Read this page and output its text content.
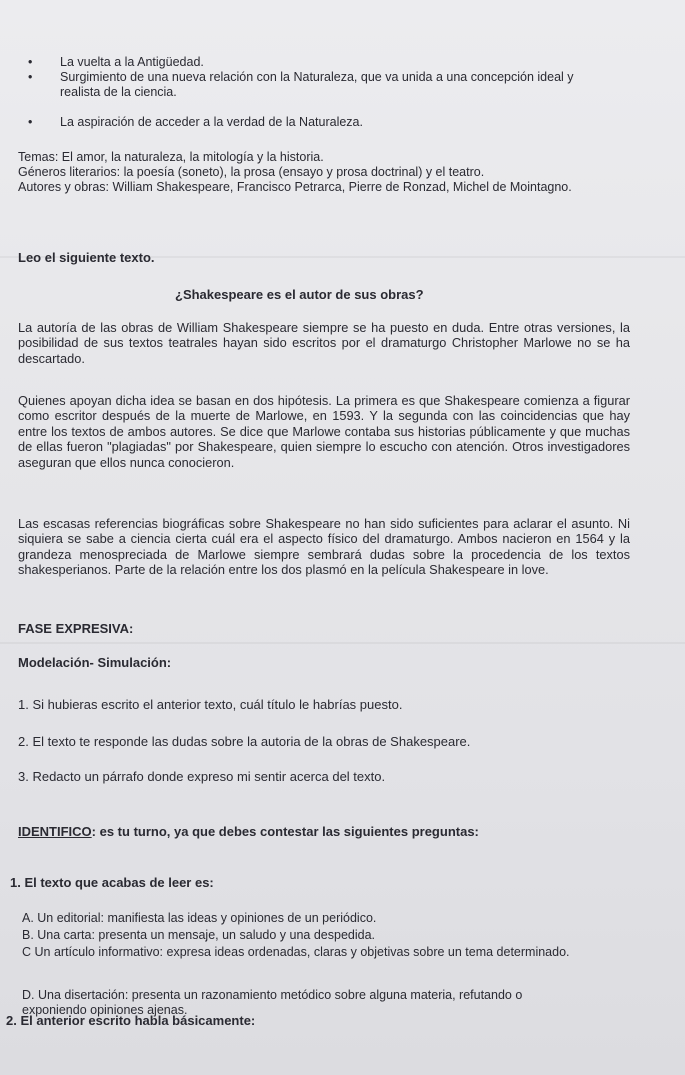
•	La vuelta a la Antigüedad.
•	Surgimiento de una nueva relación con la Naturaleza, que va unida a una concepción ideal y realista de la ciencia.
•	La aspiración de acceder a la verdad de la Naturaleza.

Temas: El amor, la naturaleza, la mitología y la historia.

Géneros literarios: la poesía (soneto), la prosa (ensayo y prosa doctrinal) y el teatro.

Autores y obras: William Shakespeare, Francisco Petrarca, Pierre de Ronzad, Michel de Mointagno.

Leo el siguiente texto.

¿Shakespeare es el autor de sus obras?

La autoría de las obras de William Shakespeare siempre se ha puesto en duda. Entre otras versiones, la posibilidad de sus textos teatrales hayan sido escritos por el dramaturgo Christopher Marlowe no se ha descartado.

Quienes apoyan dicha idea se basan en dos hipótesis. La primera es que Shakespeare comienza a figurar como escritor después de la muerte de Marlowe, en 1593. Y la segunda con las coincidencias que hay entre los textos de ambos autores. Se dice que Marlowe contaba sus historias públicamente y que muchas de ellas fueron "plagiadas" por Shakespeare, quien siempre lo escucho con atención. Otros investigadores aseguran que ellos nunca conocieron.

Las escasas referencias biográficas sobre Shakespeare no han sido suficientes para aclarar el asunto. Ni siquiera se sabe a ciencia cierta cuál era el aspecto físico del dramaturgo. Ambos nacieron en 1564 y la grandeza menospreciada de Marlowe siempre sembrará dudas sobre la procedencia de los textos shakesperianos. Parte de la relación entre los dos plasmó en la película Shakespeare in love.

FASE EXPRESIVA:

Modelación- Simulación:

1. Si hubieras escrito el anterior texto, cuál título le habrías puesto.

2. El texto te responde las dudas sobre la autoria de la obras de Shakespeare.

3. Redacto un párrafo donde expreso mi sentir acerca del texto.

IDENTIFICO: es tu turno, ya que debes contestar las siguientes preguntas:

1. El texto que acabas de leer es:

A. Un editorial: manifiesta las ideas y opiniones de un periódico.

B. Una carta: presenta un mensaje, un saludo y una despedida.

C Un artículo informativo: expresa ideas ordenadas, claras y objetivas sobre un tema determinado.

D. Una disertación: presenta un razonamiento metódico sobre alguna materia, refutando o exponiendo opiniones ajenas.

2. El anterior escrito habla básicamente:
